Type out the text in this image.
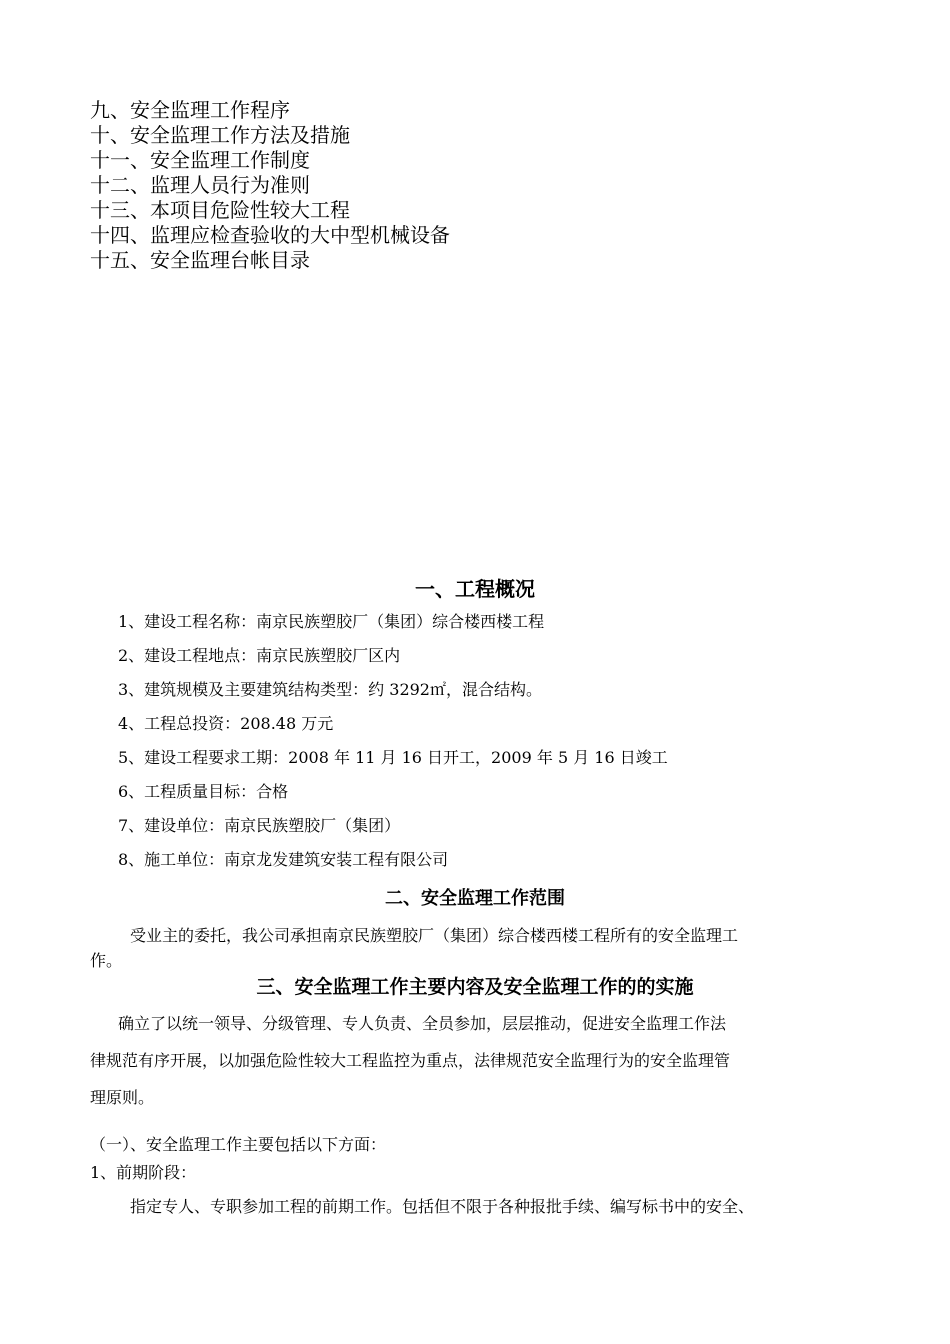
九、安全监理工作程序
十、安全监理工作方法及措施
十一、安全监理工作制度
十二、监理人员行为准则
十三、本项目危险性较大工程
十四、监理应检查验收的大中型机械设备
十五、安全监理台帐目录
一、工程概况
1、建设工程名称：南京民族塑胶厂（集团）综合楼西楼工程
2、建设工程地点：南京民族塑胶厂区内
3、建筑规模及主要建筑结构类型：约 3292㎡，混合结构。
4、工程总投资：208.48 万元
5、建设工程要求工期：2008 年 11 月 16 日开工，2009 年 5 月 16 日竣工
6、工程质量目标：合格
7、建设单位：南京民族塑胶厂（集团）
8、施工单位：南京龙发建筑安装工程有限公司
二、安全监理工作范围
受业主的委托，我公司承担南京民族塑胶厂（集团）综合楼西楼工程所有的安全监理工
作。
三、安全监理工作主要内容及安全监理工作的的实施
确立了以统一领导、分级管理、专人负责、全员参加，层层推动，促进安全监理工作法
律规范有序开展，以加强危险性较大工程监控为重点，法律规范安全监理行为的安全监理管
理原则。
（一）、安全监理工作主要包括以下方面：
1、前期阶段：
指定专人、专职参加工程的前期工作。包括但不限于各种报批手续、编写标书中的安全、
